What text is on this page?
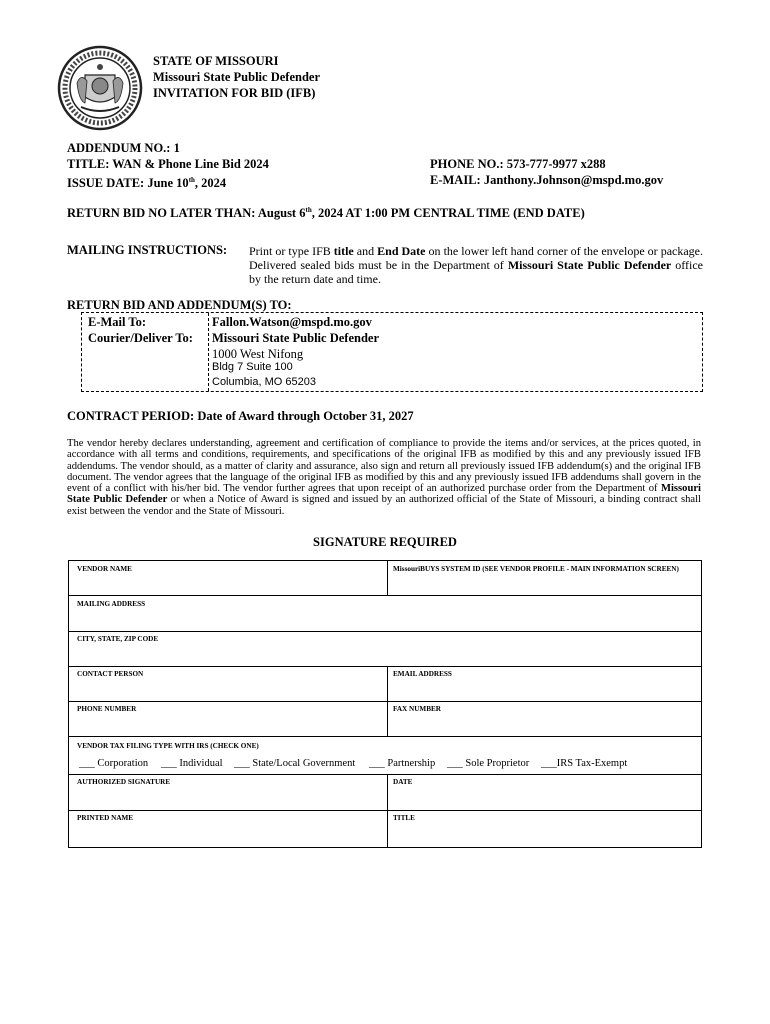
STATE OF MISSOURI
Missouri State Public Defender
INVITATION FOR BID (IFB)
ADDENDUM NO.: 1
TITLE: WAN & Phone Line Bid 2024
ISSUE DATE: June 10th, 2024
PHONE NO.: 573-777-9977 x288
E-MAIL: Janthony.Johnson@mspd.mo.gov
RETURN BID NO LATER THAN: August 6th, 2024 AT 1:00 PM CENTRAL TIME (END DATE)
MAILING INSTRUCTIONS: Print or type IFB title and End Date on the lower left hand corner of the envelope or package. Delivered sealed bids must be in the Department of Missouri State Public Defender office by the return date and time.
RETURN BID AND ADDENDUM(S) TO:
E-Mail To:	Fallon.Watson@mspd.mo.gov
Courier/Deliver To: Missouri State Public Defender
1000 West Nifong
Bldg 7 Suite 100
Columbia, MO 65203
CONTRACT PERIOD: Date of Award through October 31, 2027
The vendor hereby declares understanding, agreement and certification of compliance to provide the items and/or services, at the prices quoted, in accordance with all terms and conditions, requirements, and specifications of the original IFB as modified by this and any previously issued IFB addendums. The vendor should, as a matter of clarity and assurance, also sign and return all previously issued IFB addendum(s) and the original IFB document. The vendor agrees that the language of the original IFB as modified by this and any previously issued IFB addendums shall govern in the event of a conflict with his/her bid. The vendor further agrees that upon receipt of an authorized purchase order from the Department of Missouri State Public Defender or when a Notice of Award is signed and issued by an authorized official of the State of Missouri, a binding contract shall exist between the vendor and the State of Missouri.
SIGNATURE REQUIRED
VENDOR NAME	MissouriBUYS SYSTEM ID (SEE VENDOR PROFILE - MAIN INFORMATION SCREEN)
MAILING ADDRESS
CITY, STATE, ZIP CODE
CONTACT PERSON	EMAIL ADDRESS
PHONE NUMBER	FAX NUMBER
VENDOR TAX FILING TYPE WITH IRS (CHECK ONE)
___ Corporation ___ Individual ___ State/Local Government ___ Partnership ___ Sole Proprietor ___IRS Tax-Exempt
AUTHORIZED SIGNATURE	DATE
PRINTED NAME	TITLE
